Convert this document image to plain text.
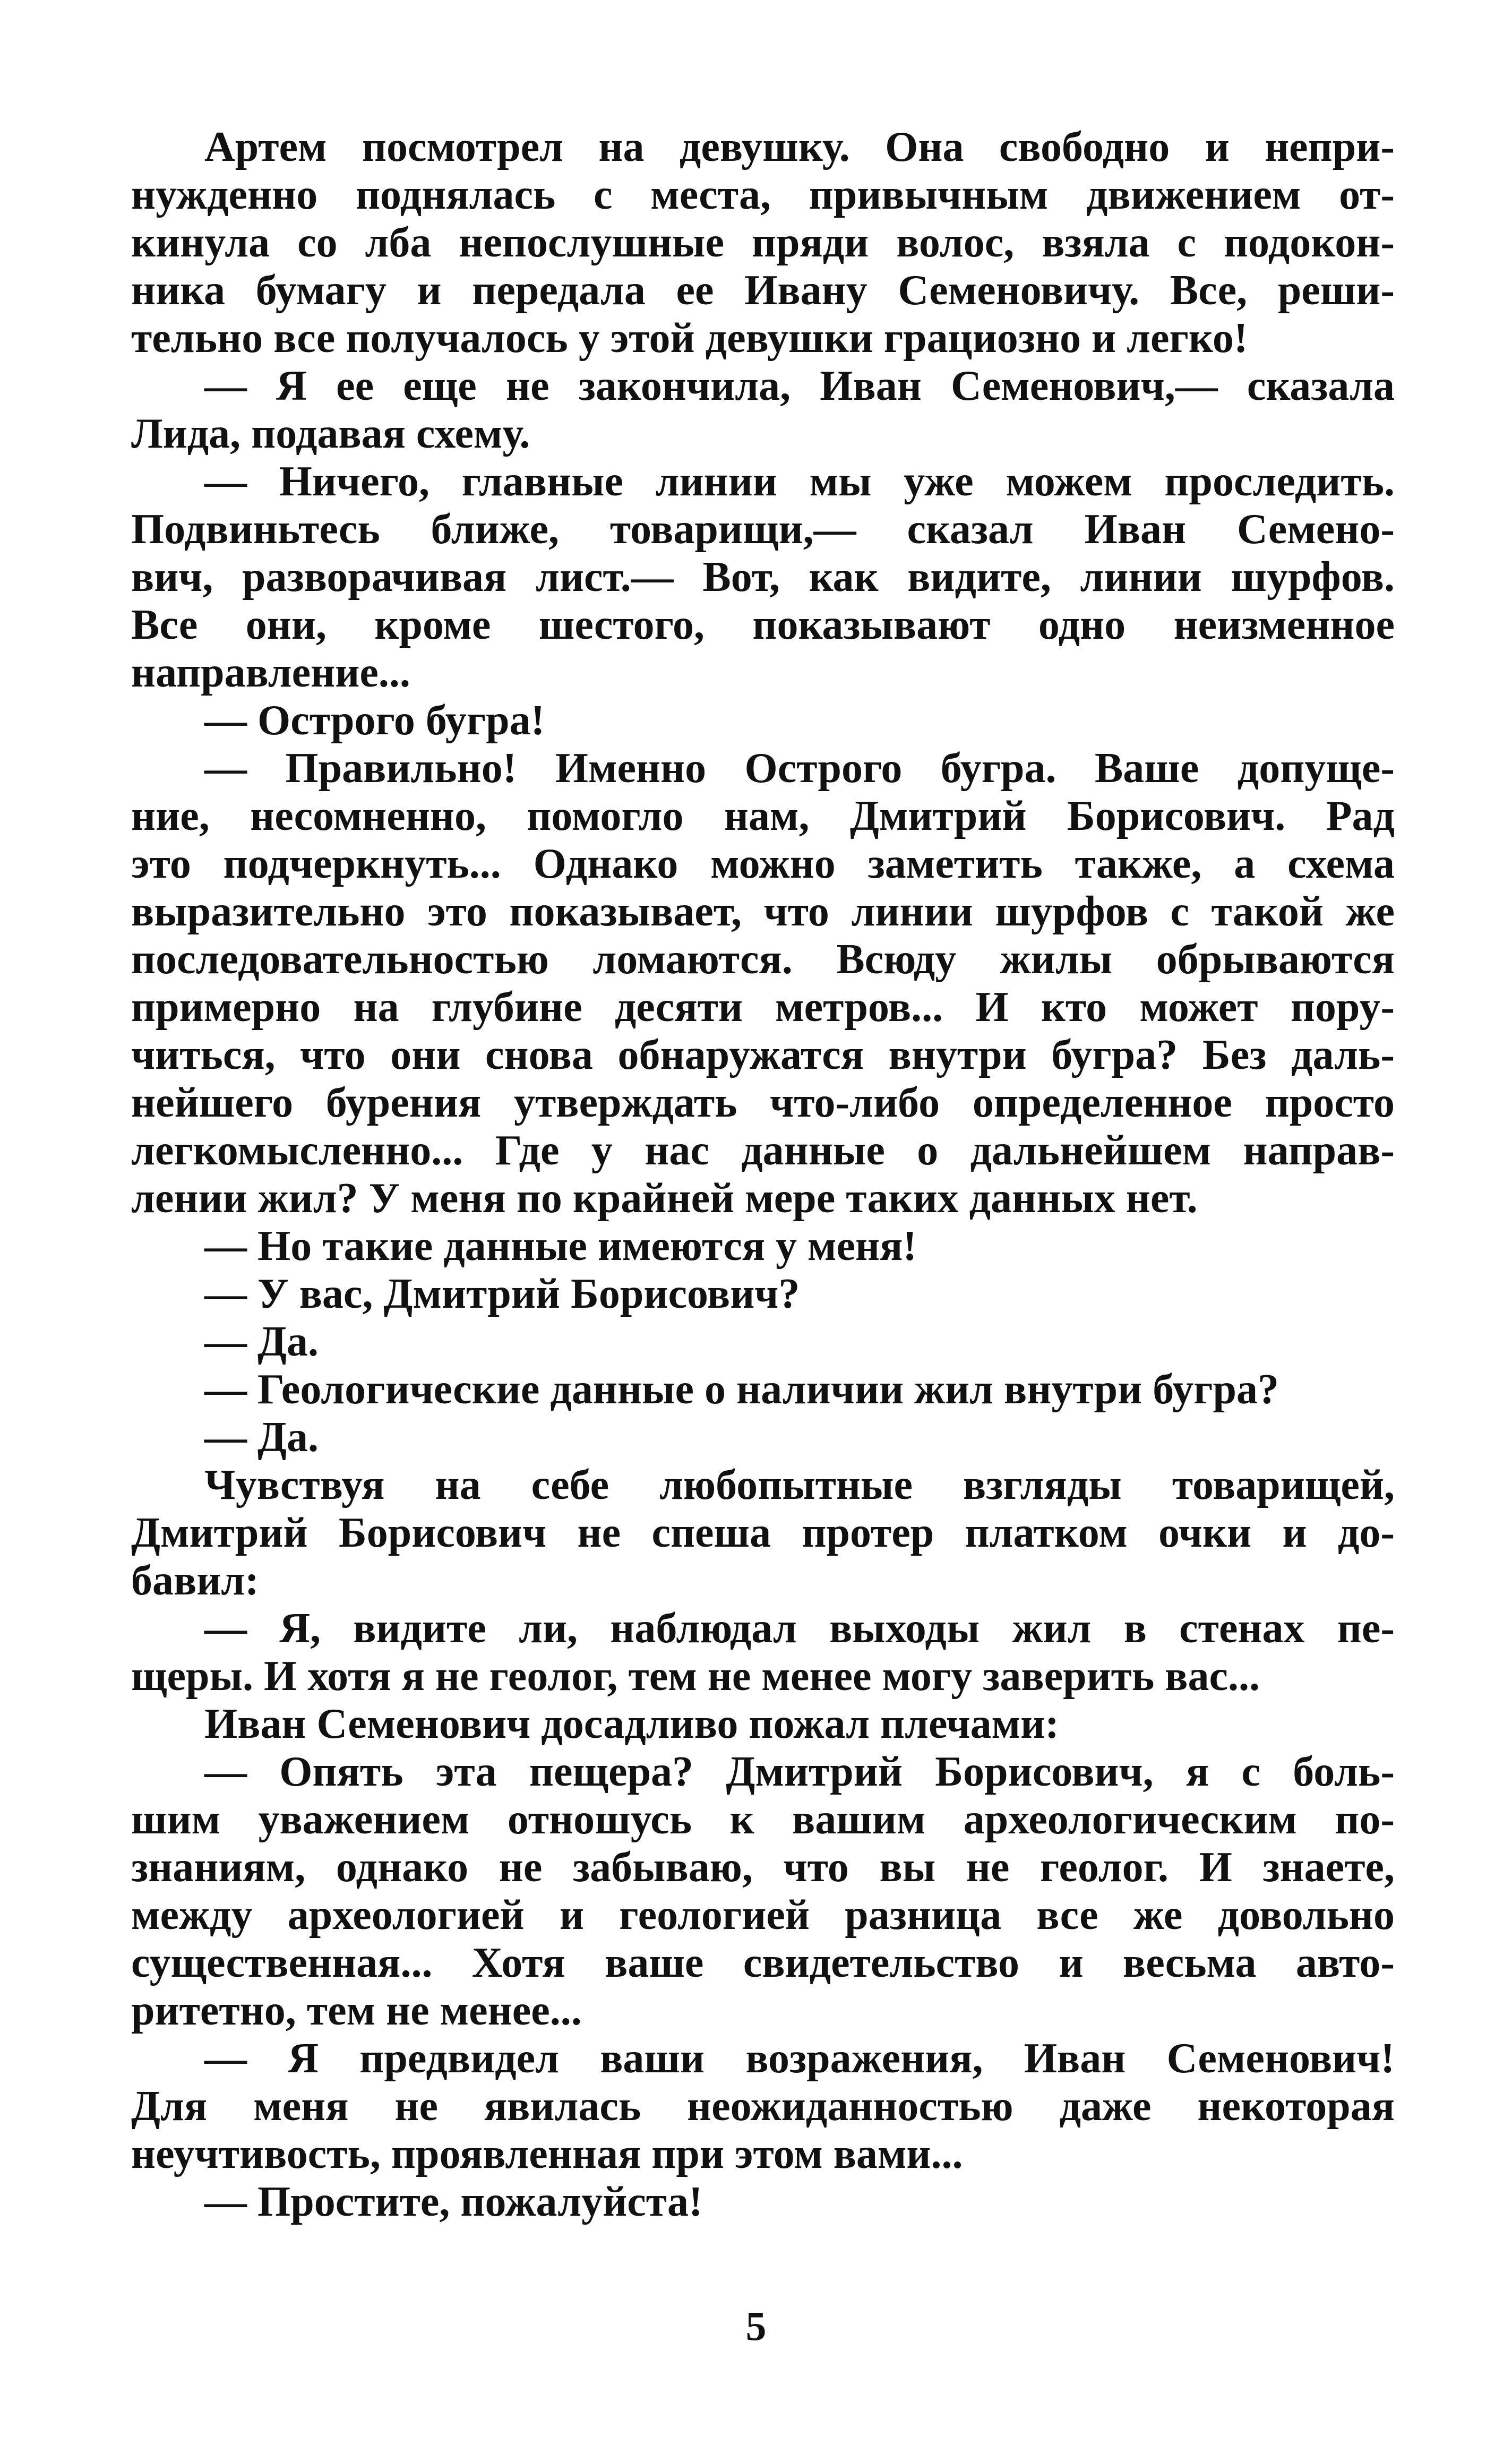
Артем посмотрел на девушку. Она свободно и непри-
нужденно поднялась с места, привычным движением от-
кинула со лба непослушные пряди волос, взяла с подокон-
ника бумагу и передала ее Ивану Семеновичу. Все, реши-
тельно все получалось у этой девушки грациозно и легко!
— Я ее еще не закончила, Иван Семенович,— сказала
Лида, подавая схему.
— Ничего, главные линии мы уже можем проследить.
Подвиньтесь ближе, товарищи,— сказал Иван Семено-
вич, разворачивая лист.— Вот, как видите, линии шурфов.
Все они, кроме шестого, показывают одно неизменное
направление...
— Острого бугра!
— Правильно! Именно Острого бугра. Ваше допуще-
ние, несомненно, помогло нам, Дмитрий Борисович. Рад
это подчеркнуть... Однако можно заметить также, а схема
выразительно это показывает, что линии шурфов с такой же
последовательностью ломаются. Всюду жилы обрываются
примерно на глубине десяти метров... И кто может пору-
читься, что они снова обнаружатся внутри бугра? Без даль-
нейшего бурения утверждать что-либо определенное просто
легкомысленно... Где у нас данные о дальнейшем направ-
лении жил? У меня по крайней мере таких данных нет.
— Но такие данные имеются у меня!
— У вас, Дмитрий Борисович?
— Да.
— Геологические данные о наличии жил внутри бугра?
— Да.
Чувствуя на себе любопытные взгляды товарищей,
Дмитрий Борисович не спеша протер платком очки и до-
бавил:
— Я, видите ли, наблюдал выходы жил в стенах пе-
щеры. И хотя я не геолог, тем не менее могу заверить вас...
Иван Семенович досадливо пожал плечами:
— Опять эта пещера? Дмитрий Борисович, я с боль-
шим уважением отношусь к вашим археологическим по-
знаниям, однако не забываю, что вы не геолог. И знаете,
между археологией и геологией разница все же довольно
существенная... Хотя ваше свидетельство и весьма авто-
ритетно, тем не менее...
— Я предвидел ваши возражения, Иван Семенович!
Для меня не явилась неожиданностью даже некоторая
неучтивость, проявленная при этом вами...
— Простите, пожалуйста!
5
